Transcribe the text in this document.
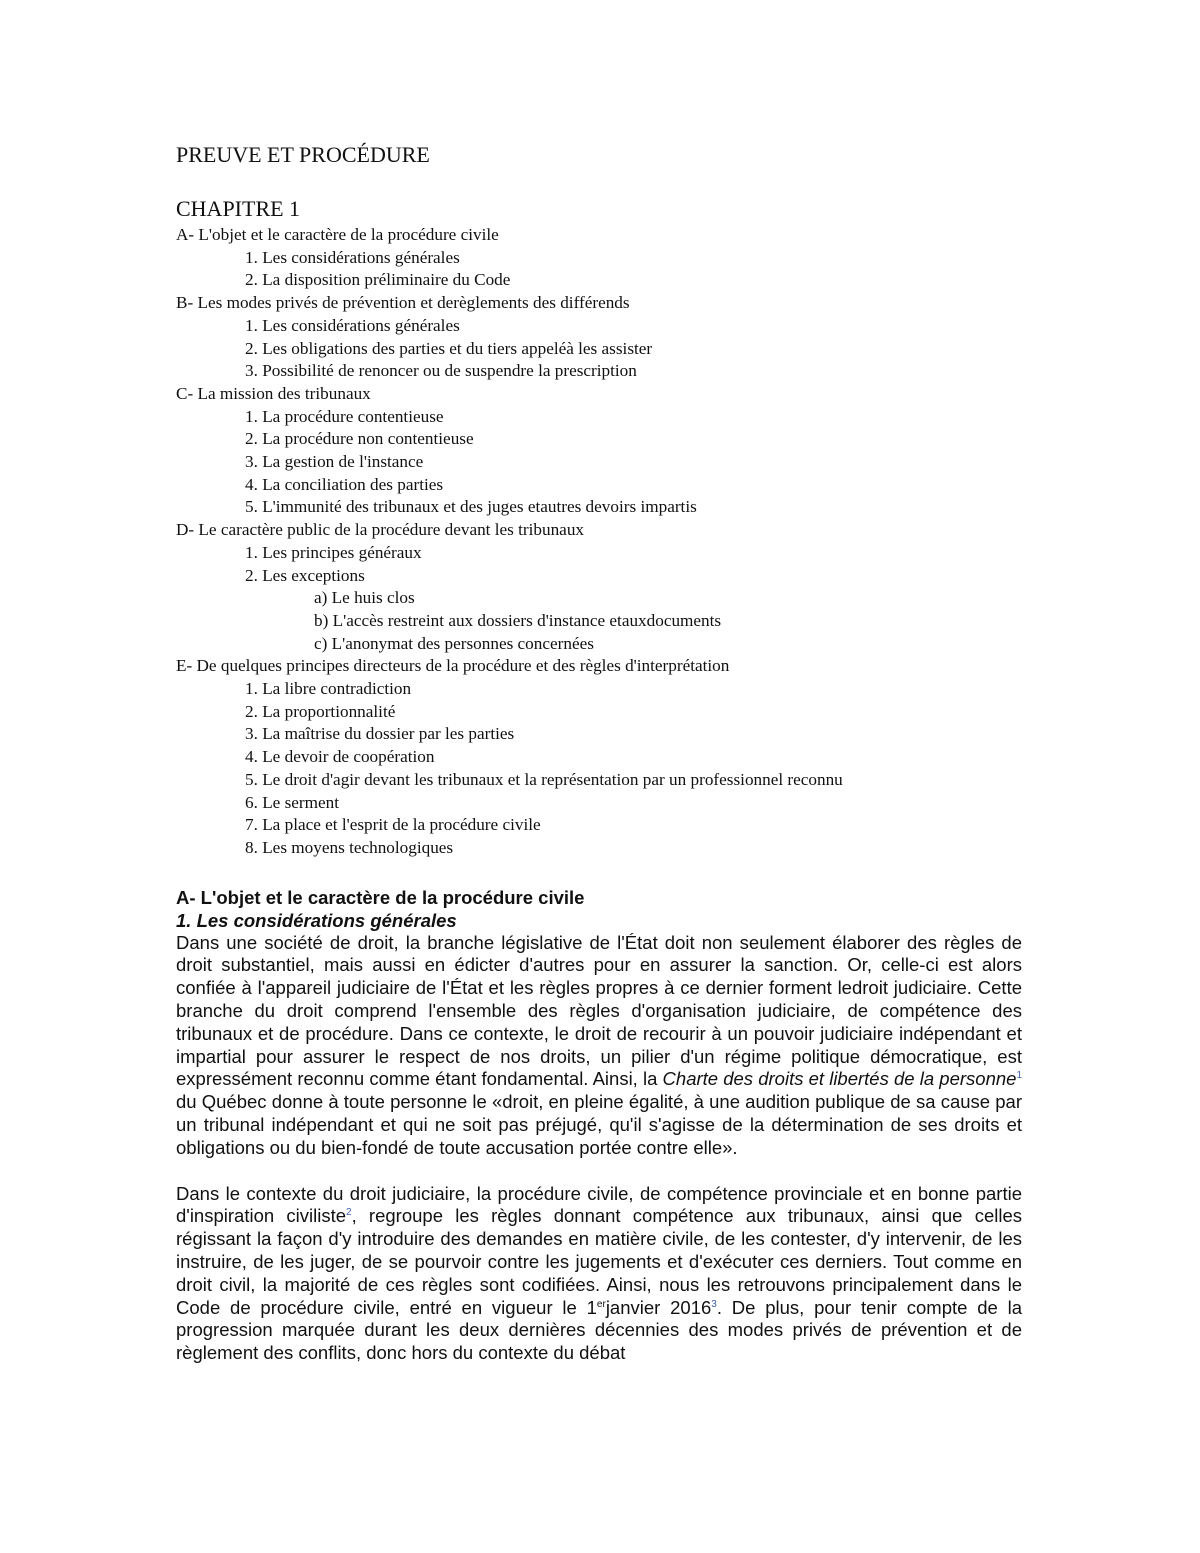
PREUVE ET PROCÉDURE
CHAPITRE 1
A- L'objet et le caractère de la procédure civile
1. Les considérations générales
2. La disposition préliminaire du Code
B- Les modes privés de prévention et derèglements des différends
1. Les considérations générales
2. Les obligations des parties et du tiers appeléà les assister
3. Possibilité de renoncer ou de suspendre la prescription
C- La mission des tribunaux
1. La procédure contentieuse
2. La procédure non contentieuse
3. La gestion de l'instance
4. La conciliation des parties
5. L'immunité des tribunaux et des juges etautres devoirs impartis
D- Le caractère public de la procédure devant les tribunaux
1. Les principes généraux
2. Les exceptions
a) Le huis clos
b) L'accès restreint aux dossiers d'instance etauxdocuments
c) L'anonymat des personnes concernées
E- De quelques principes directeurs de la procédure et des règles d'interprétation
1. La libre contradiction
2. La proportionnalité
3. La maîtrise du dossier par les parties
4. Le devoir de coopération
5. Le droit d'agir devant les tribunaux et la représentation par un professionnel reconnu
6. Le serment
7. La place et l'esprit de la procédure civile
8. Les moyens technologiques
A- L'objet et le caractère de la procédure civile
1. Les considérations générales

Dans une société de droit, la branche législative de l'État doit non seulement élaborer des règles de droit substantiel, mais aussi en édicter d'autres pour en assurer la sanction. Or, celle-ci est alors confiée à l'appareil judiciaire de l'État et les règles propres à ce dernier forment ledroit judiciaire. Cette branche du droit comprend l'ensemble des règles d'organisation judiciaire, de compétence des tribunaux et de procédure. Dans ce contexte, le droit de recourir à un pouvoir judiciaire indépendant et impartial pour assurer le respect de nos droits, un pilier d'un régime politique démocratique, est expressément reconnu comme étant fondamental. Ainsi, la Charte des droits et libertés de la personne$^1$ du Québec donne à toute personne le «droit, en pleine égalité, à une audition publique de sa cause par un tribunal indépendant et qui ne soit pas préjugé, qu'il s'agisse de la détermination de ses droits et obligations ou du bien-fondé de toute accusation portée contre elle».

Dans le contexte du droit judiciaire, la procédure civile, de compétence provinciale et en bonne partie d'inspiration civiliste$^2$, regroupe les règles donnant compétence aux tribunaux, ainsi que celles régissant la façon d'y introduire des demandes en matière civile, de les contester, d'y intervenir, de les instruire, de les juger, de se pourvoir contre les jugements et d'exécuter ces derniers. Tout comme en droit civil, la majorité de ces règles sont codifiées. Ainsi, nous les retrouvons principalement dans le Code de procédure civile, entré en vigueur le 1erjanvier 2016$^3$. De plus, pour tenir compte de la progression marquée durant les deux dernières décennies des modes privés de prévention et de règlement des conflits, donc hors du contexte du débat
